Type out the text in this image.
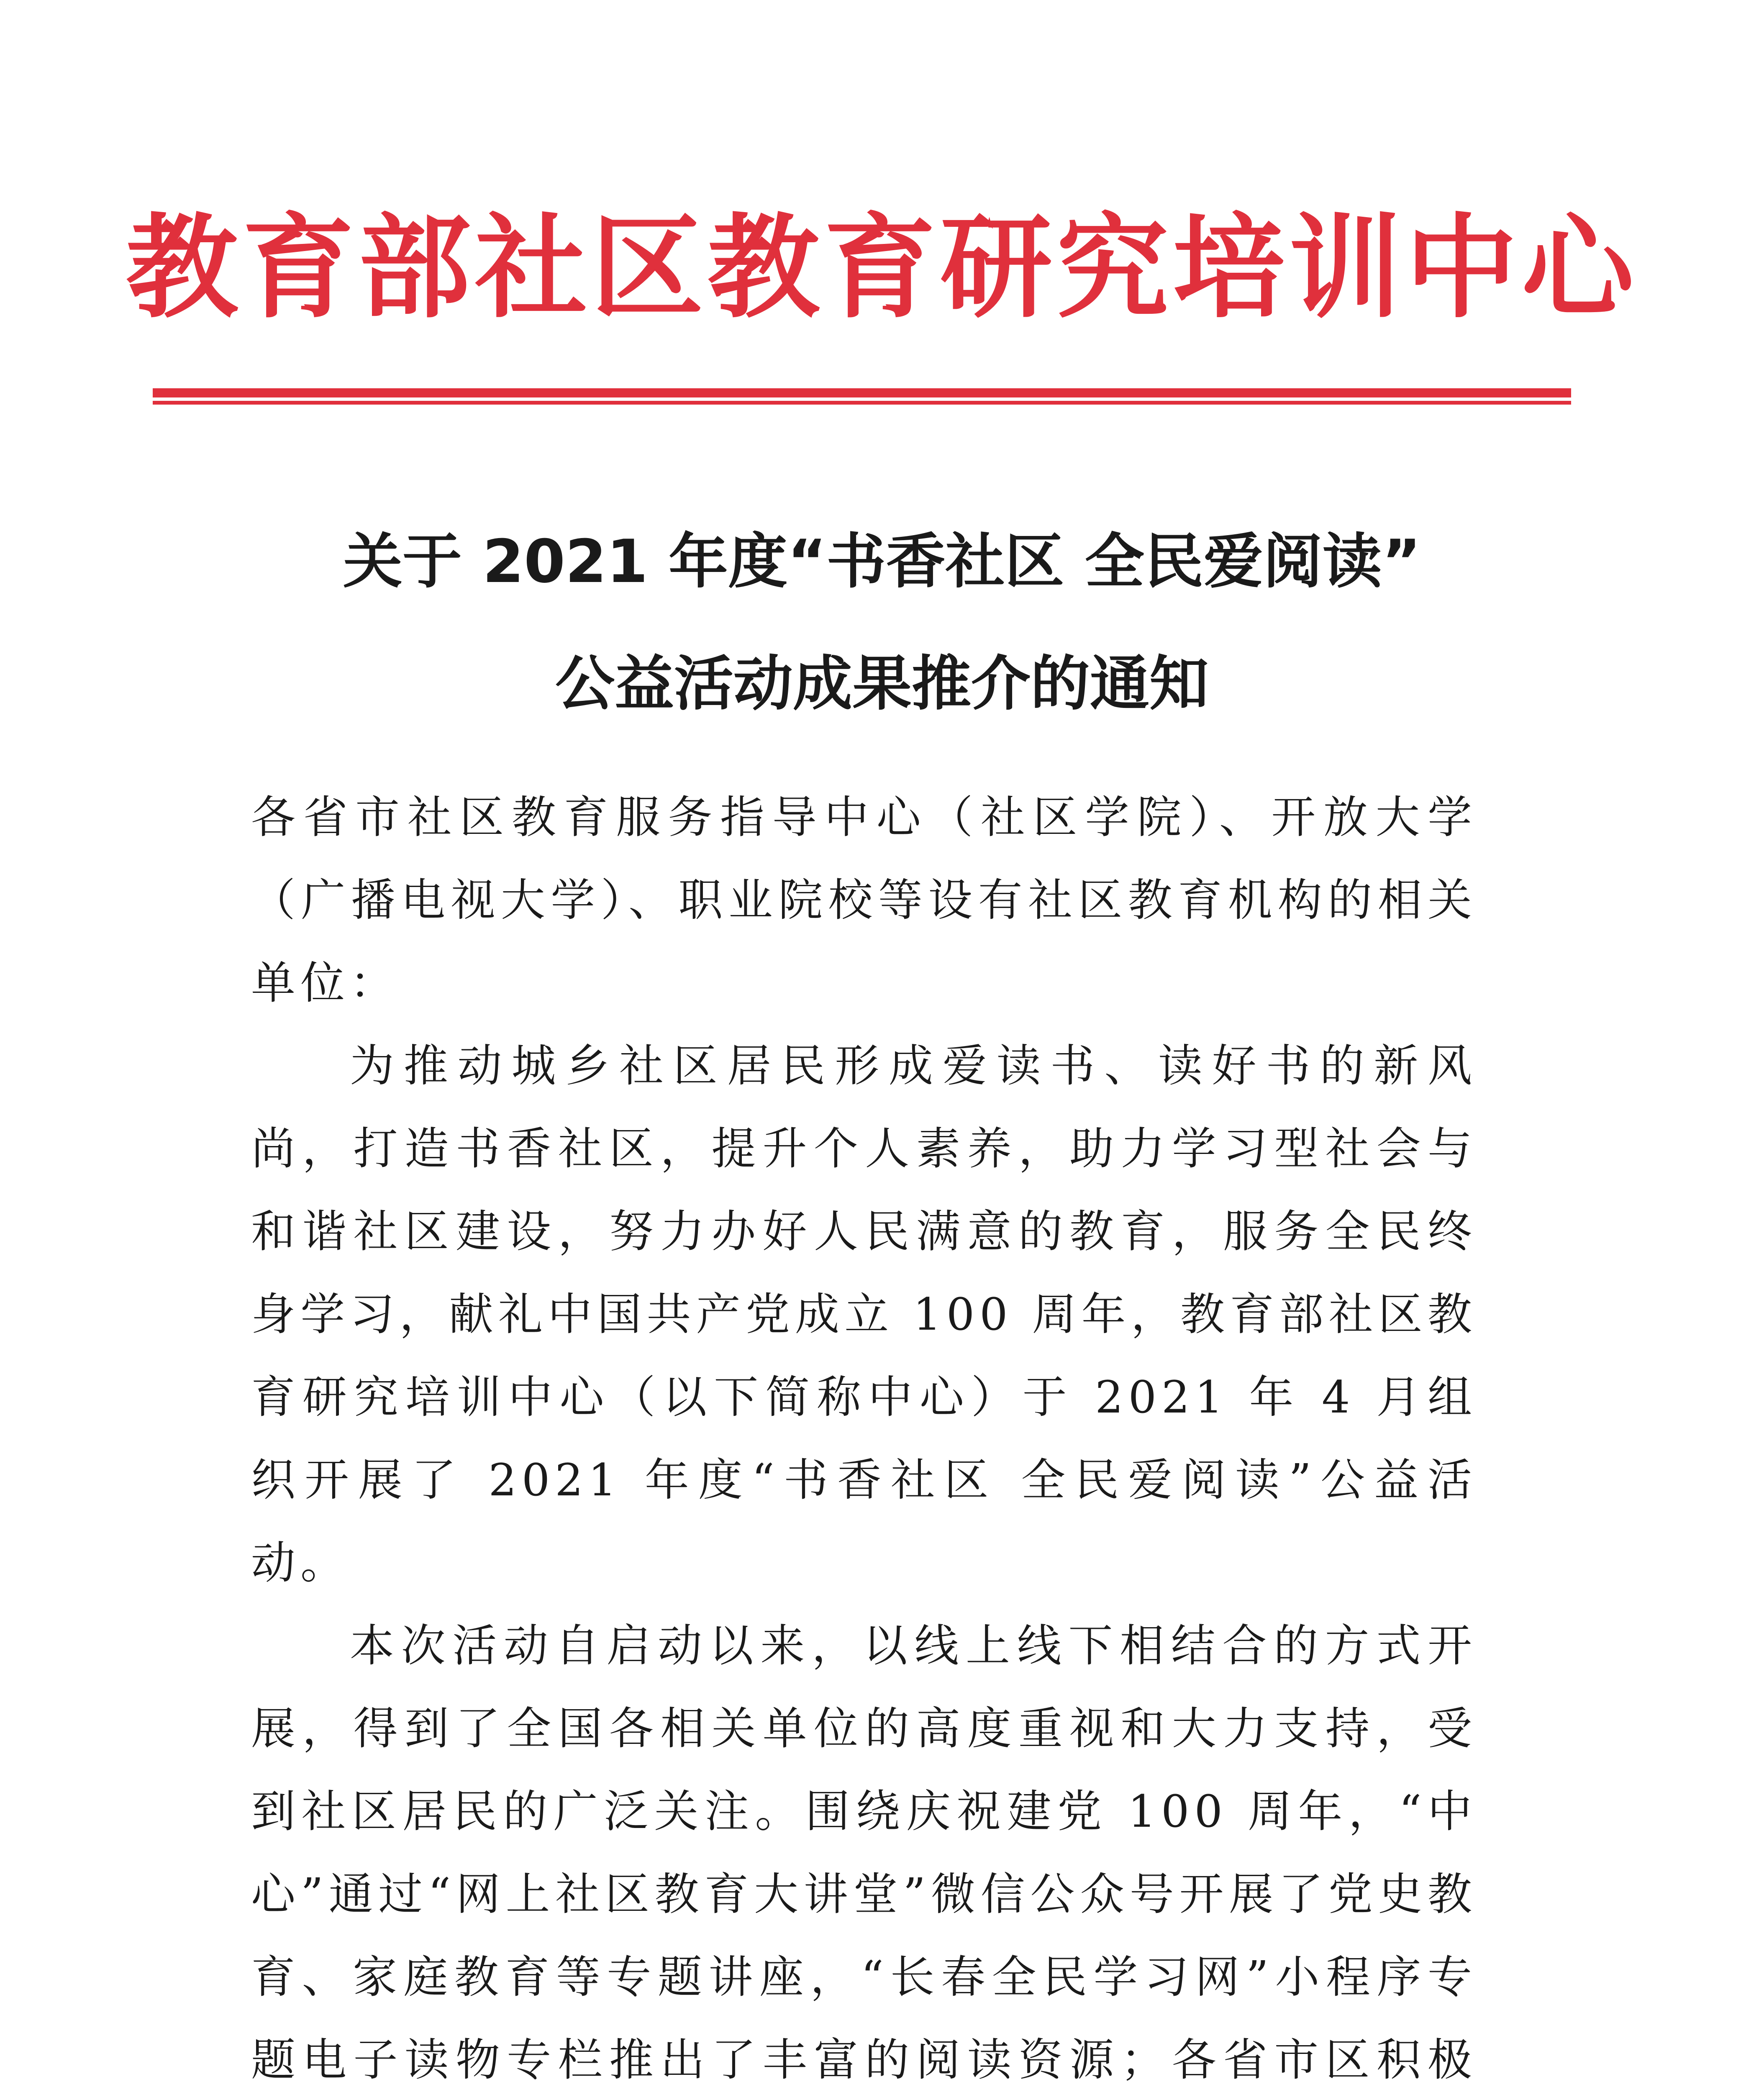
教育部社区教育研究培训中心
关于 2021 年度“书香社区 全民爱阅读”
公益活动成果推介的通知

各省市社区教育服务指导中心（社区学院）、开放大学（广播电视大学）、职业院校等设有社区教育机构的相关单位：

为推动城乡社区居民形成爱读书、读好书的新风尚，打造书香社区，提升个人素养，助力学习型社会与和谐社区建设，努力办好人民满意的教育，服务全民终身学习，献礼中国共产党成立 100 周年，教育部社区教育研究培训中心（以下简称中心）于 2021 年 4 月组织开展了 2021 年度“书香社区 全民爱阅读”公益活动。

本次活动自启动以来，以线上线下相结合的方式开展，得到了全国各相关单位的高度重视和大力支持，受到社区居民的广泛关注。围绕庆祝建党 100 周年，“中心”通过“网上社区教育大讲堂”微信公众号开展了党史教育、家庭教育等专题讲座，“长春全民学习网”小程序专题电子读物专栏推出了丰富的阅读资源；各省市区积极
